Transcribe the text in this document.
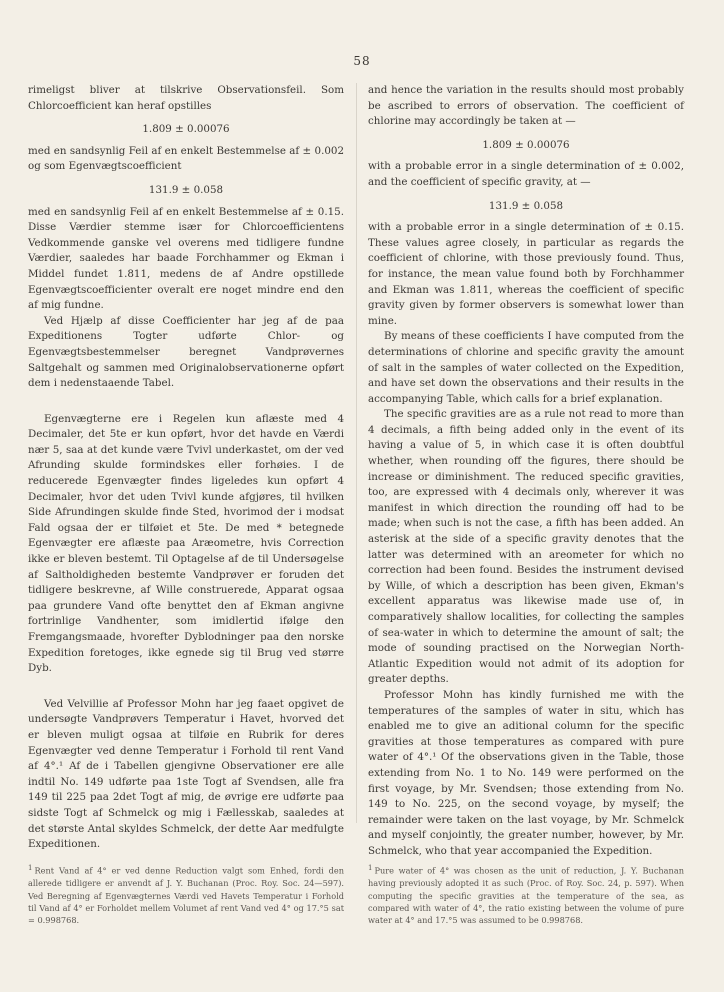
58

rimeligst bliver at tilskrive Observationsfeil. Som Chlorcoefficient kan heraf opstilles

1.809 ± 0.00076

med en sandsynlig Feil af en enkelt Bestemmelse af ± 0.002 og som Egenvægtscoefficient

131.9 ± 0.058

med en sandsynlig Feil af en enkelt Bestemmelse af ± 0.15. Disse Værdier stemme især for Chlorcoefficientens Vedkommende ganske vel overens med tidligere fundne Værdier, saaledes har baade Forchhammer og Ekman i Middel fundet 1.811, medens de af Andre opstillede Egenvægtscoefficienter overalt ere noget mindre end den af mig fundne.

Ved Hjælp af disse Coefficienter har jeg af de paa Expeditionens Togter udførte Chlor- og Egenvægtsbestemmelser beregnet Vandprøvernes Saltgehalt og sammen med Originalobservationerne opført dem i nedenstaaende Tabel.

Egenvægterne ere i Regelen kun aflæste med 4 Decimaler, det 5te er kun opført, hvor det havde en Værdi nær 5, saa at det kunde være Tvivl underkastet, om der ved Afrunding skulde formindskes eller forhøies. I de reducerede Egenvægter findes ligeledes kun opført 4 Decimaler, hvor det uden Tvivl kunde afgjøres, til hvilken Side Afrundingen skulde finde Sted, hvorimod der i modsat Fald ogsaa der er tilføiet et 5te. De med * betegnede Egenvægter ere aflæste paa Aræometre, hvis Correction ikke er bleven bestemt. Til Optagelse af de til Undersøgelse af Saltholdigheden bestemte Vandprøver er foruden det tidligere beskrevne, af Wille construerede, Apparat ogsaa paa grundere Vand ofte benyttet den af Ekman angivne fortrinlige Vandhenter, som imidlertid ifølge den Fremgangsmaade, hvorefter Dyblodninger paa den norske Expedition foretoges, ikke egnede sig til Brug ved større Dyb.

Ved Velvillie af Professor Mohn har jeg faaet opgivet de undersøgte Vandprøvers Temperatur i Havet, hvorved det er bleven muligt ogsaa at tilføie en Rubrik for deres Egenvægter ved denne Temperatur i Forhold til rent Vand af 4°.¹ Af de i Tabellen gjengivne Observationer ere alle indtil No. 149 udførte paa 1ste Togt af Svendsen, alle fra 149 til 225 paa 2det Togt af mig, de øvrige ere udførte paa sidste Togt af Schmelck og mig i Fællesskab, saaledes at det største Antal skyldes Schmelck, der dette Aar medfulgte Expeditionen.

and hence the variation in the results should most probably be ascribed to errors of observation. The coefficient of chlorine may accordingly be taken at —

1.809 ± 0.00076

with a probable error in a single determination of ± 0.002, and the coefficient of specific gravity, at —

131.9 ± 0.058

with a probable error in a single determination of ± 0.15. These values agree closely, in particular as regards the coefficient of chlorine, with those previously found. Thus, for instance, the mean value found both by Forchhammer and Ekman was 1.811, whereas the coefficient of specific gravity given by former observers is somewhat lower than mine.

By means of these coefficients I have computed from the determinations of chlorine and specific gravity the amount of salt in the samples of water collected on the Expedition, and have set down the observations and their results in the accompanying Table, which calls for a brief explanation.

The specific gravities are as a rule not read to more than 4 decimals, a fifth being added only in the event of its having a value of 5, in which case it is often doubtful whether, when rounding off the figures, there should be increase or diminishment. The reduced specific gravities, too, are expressed with 4 decimals only, wherever it was manifest in which direction the rounding off had to be made; when such is not the case, a fifth has been added. An asterisk at the side of a specific gravity denotes that the latter was determined with an areometer for which no correction had been found. Besides the instrument devised by Wille, of which a description has been given, Ekman's excellent apparatus was likewise made use of, in comparatively shallow localities, for collecting the samples of sea-water in which to determine the amount of salt; the mode of sounding practised on the Norwegian North-Atlantic Expedition would not admit of its adoption for greater depths.

Professor Mohn has kindly furnished me with the temperatures of the samples of water in situ, which has enabled me to give an aditional column for the specific gravities at those temperatures as compared with pure water of 4°.¹ Of the observations given in the Table, those extending from No. 1 to No. 149 were performed on the first voyage, by Mr. Svendsen; those extending from No. 149 to No. 225, on the second voyage, by myself; the remainder were taken on the last voyage, by Mr. Schmelck and myself conjointly, the greater number, however, by Mr. Schmelck, who that year accompanied the Expedition.

1 Rent Vand af 4° er ved denne Reduction valgt som Enhed, fordi den allerede tidligere er anvendt af J. Y. Buchanan (Proc. Roy. Soc. 24—597). Ved Beregning af Egenvægternes Værdi ved Havets Temperatur i Forhold til Vand af 4° er Forholdet mellem Volumet af rent Vand ved 4° og 17.°5 sat = 0.998768.
1 Pure water of 4° was chosen as the unit of reduction, J. Y. Buchanan having previously adopted it as such (Proc. of Roy. Soc. 24, p. 597). When computing the specific gravities at the temperature of the sea, as compared with water of 4°, the ratio existing between the volume of pure water at 4° and 17.°5 was assumed to be 0.998768.
